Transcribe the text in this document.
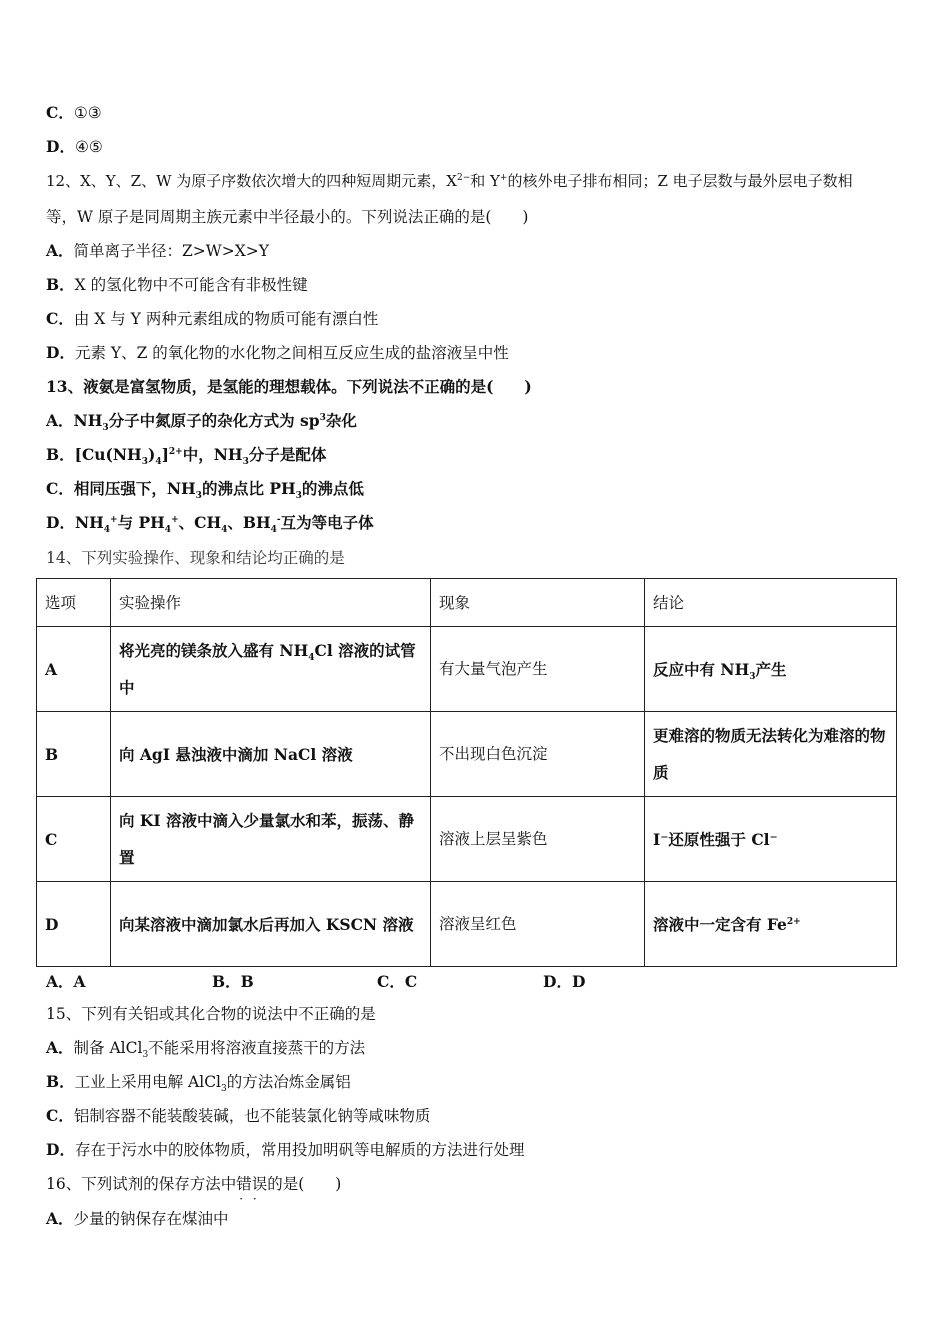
C．①③
D．④⑤
12、X、Y、Z、W 为原子序数依次增大的四种短周期元素，$X^{2-}$和 Y+的核外电子排布相同；Z 电子层数与最外层电子数相
等，W 原子是同周期主族元素中半径最小的。下列说法正确的是(　　)
A．简单离子半径：Z>W>X>Y
B．X 的氢化物中不可能含有非极性键
C．由 X 与 Y 两种元素组成的物质可能有漂白性
D．元素 Y、Z 的氧化物的水化物之间相互反应生成的盐溶液呈中性
13、液氨是富氢物质，是氢能的理想载体。下列说法不正确的是(　　)
A．$NH_3$分子中氮原子的杂化方式为 $sp^3$杂化
B．$[Cu(NH_3)_4]^{2+}$中，$NH_3$分子是配体
C．相同压强下，$NH_3$的沸点比 $PH_3$的沸点低
D．$NH_4^+$与 $PH_4^+$、$CH_4$、$BH_4^-$互为等电子体
14、下列实验操作、现象和结论均正确的是
选项	实验操作	现象	结论
A	将光亮的镁条放入盛有 $NH_4Cl$ 溶液的试管中	有大量气泡产生	反应中有 $NH_3$产生
B	向 AgI 悬浊液中滴加 NaCl 溶液	不出现白色沉淀	更难溶的物质无法转化为难溶的物质
C	向 KI 溶液中滴入少量氯水和苯，振荡、静置	溶液上层呈紫色	I⁻还原性强于 Cl⁻
D	向某溶液中滴加氯水后再加入 KSCN 溶液	溶液呈红色	溶液中一定含有 $Fe^{2+}$
A．A	B．B	C．C	D．D
15、下列有关铝或其化合物的说法中不正确的是
A．制备 AlCl$_3$不能采用将溶液直接蒸干的方法
B．工业上采用电解 AlCl$_3$的方法冶炼金属铝
C．铝制容器不能装酸装碱，也不能装氯化钠等咸味物质
D．存在于污水中的胶体物质，常用投加明矾等电解质的方法进行处理
16、下列试剂的保存方法中错误 · ·的是(　　)
A．少量的钠保存在煤油中
